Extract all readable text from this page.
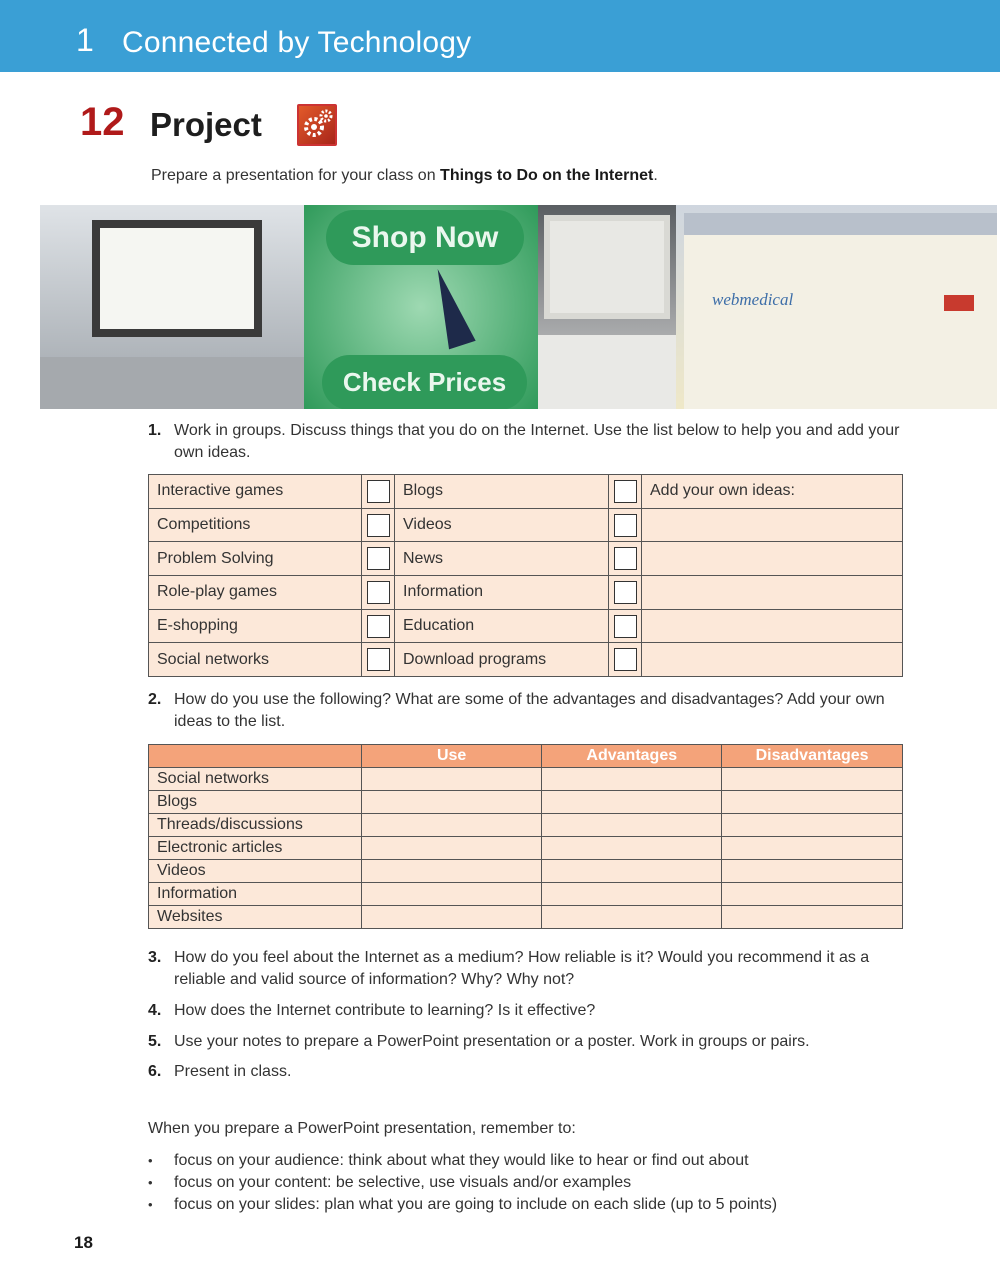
1 Connected by Technology
12 Project

Prepare a presentation for your class on Things to Do on the Internet.

Shop Now
Check Prices
webmedical
1. Work in groups. Discuss things that you do on the Internet. Use the list below to help you and add your own ideas.
Interactive games		Blogs		Add your own ideas:
Competitions		Videos		
Problem Solving		News		
Role-play games		Information		
E-shopping		Education		
Social networks		Download programs		
2. How do you use the following? What are some of the advantages and disadvantages? Add your own ideas to the list.
	Use	Advantages	Disadvantages
Social networks			
Blogs			
Threads/discussions			
Electronic articles			
Videos			
Information			
Websites			
3. How do you feel about the Internet as a medium? How reliable is it? Would you recommend it as a reliable and valid source of information? Why? Why not?
4. How does the Internet contribute to learning? Is it effective?
5. Use your notes to prepare a PowerPoint presentation or a poster. Work in groups or pairs.
6. Present in class.

When you prepare a PowerPoint presentation, remember to:

• focus on your audience: think about what they would like to hear or find out about
• focus on your content: be selective, use visuals and/or examples
• focus on your slides: plan what you are going to include on each slide (up to 5 points)
18
